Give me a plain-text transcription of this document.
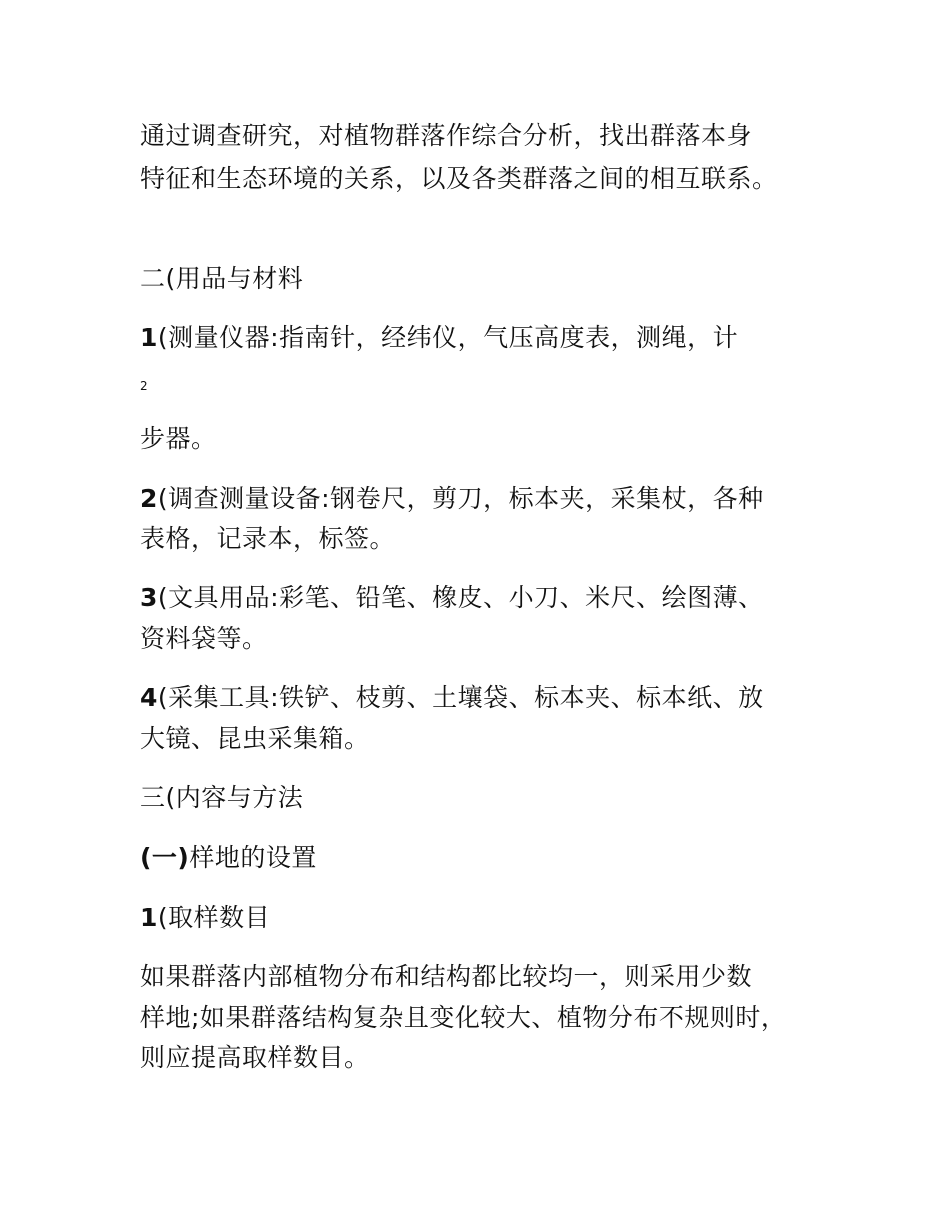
通过调查研究，对植物群落作综合分析，找出群落本身
特征和生态环境的关系，以及各类群落之间的相互联系。
二(用品与材料
1(测量仪器:指南针，经纬仪，气压高度表，测绳，计
2
步器。
2(调查测量设备:钢卷尺，剪刀，标本夹，采集杖，各种
表格，记录本，标签。
3(文具用品:彩笔、铅笔、橡皮、小刀、米尺、绘图薄、
资料袋等。
4(采集工具:铁铲、枝剪、土壤袋、标本夹、标本纸、放
大镜、昆虫采集箱。
三(内容与方法
(一)样地的设置
1(取样数目
如果群落内部植物分布和结构都比较均一，则采用少数
样地;如果群落结构复杂且变化较大、植物分布不规则时，
则应提高取样数目。
